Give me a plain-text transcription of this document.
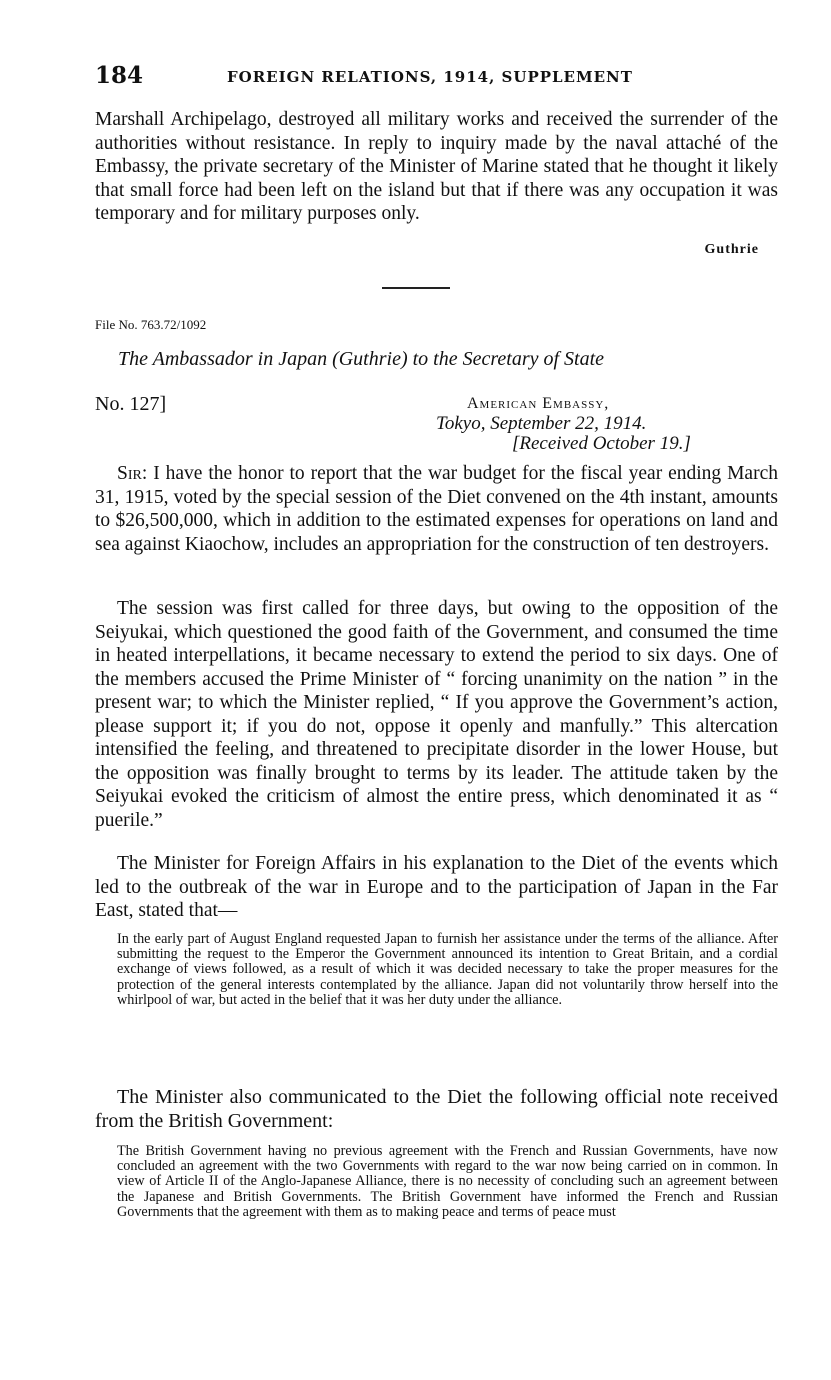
184	FOREIGN RELATIONS, 1914, SUPPLEMENT
Marshall Archipelago, destroyed all military works and received the surrender of the authorities without resistance. In reply to inquiry made by the naval attaché of the Embassy, the private secretary of the Minister of Marine stated that he thought it likely that small force had been left on the island but that if there was any occupation it was temporary and for military purposes only.
Guthrie
File No. 763.72/1092
The Ambassador in Japan (Guthrie) to the Secretary of State
No. 127]	American Embassy,
Tokyo, September 22, 1914.
[Received October 19.]
Sir: I have the honor to report that the war budget for the fiscal year ending March 31, 1915, voted by the special session of the Diet convened on the 4th instant, amounts to $26,500,000, which in addition to the estimated expenses for operations on land and sea against Kiaochow, includes an appropriation for the construction of ten destroyers.
The session was first called for three days, but owing to the opposition of the Seiyukai, which questioned the good faith of the Government, and consumed the time in heated interpellations, it became necessary to extend the period to six days. One of the members accused the Prime Minister of “ forcing unanimity on the nation ” in the present war; to which the Minister replied, “ If you approve the Government’s action, please support it; if you do not, oppose it openly and manfully.” This altercation intensified the feeling, and threatened to precipitate disorder in the lower House, but the opposition was finally brought to terms by its leader. The attitude taken by the Seiyukai evoked the criticism of almost the entire press, which denominated it as “ puerile.”
The Minister for Foreign Affairs in his explanation to the Diet of the events which led to the outbreak of the war in Europe and to the participation of Japan in the Far East, stated that—
In the early part of August England requested Japan to furnish her assistance under the terms of the alliance. After submitting the request to the Emperor the Government announced its intention to Great Britain, and a cordial exchange of views followed, as a result of which it was decided necessary to take the proper measures for the protection of the general interests contemplated by the alliance. Japan did not voluntarily throw herself into the whirlpool of war, but acted in the belief that it was her duty under the alliance.
The Minister also communicated to the Diet the following official note received from the British Government:
The British Government having no previous agreement with the French and Russian Governments, have now concluded an agreement with the two Governments with regard to the war now being carried on in common. In view of Article II of the Anglo-Japanese Alliance, there is no necessity of concluding such an agreement between the Japanese and British Governments. The British Government have informed the French and Russian Governments that the agreement with them as to making peace and terms of peace must
